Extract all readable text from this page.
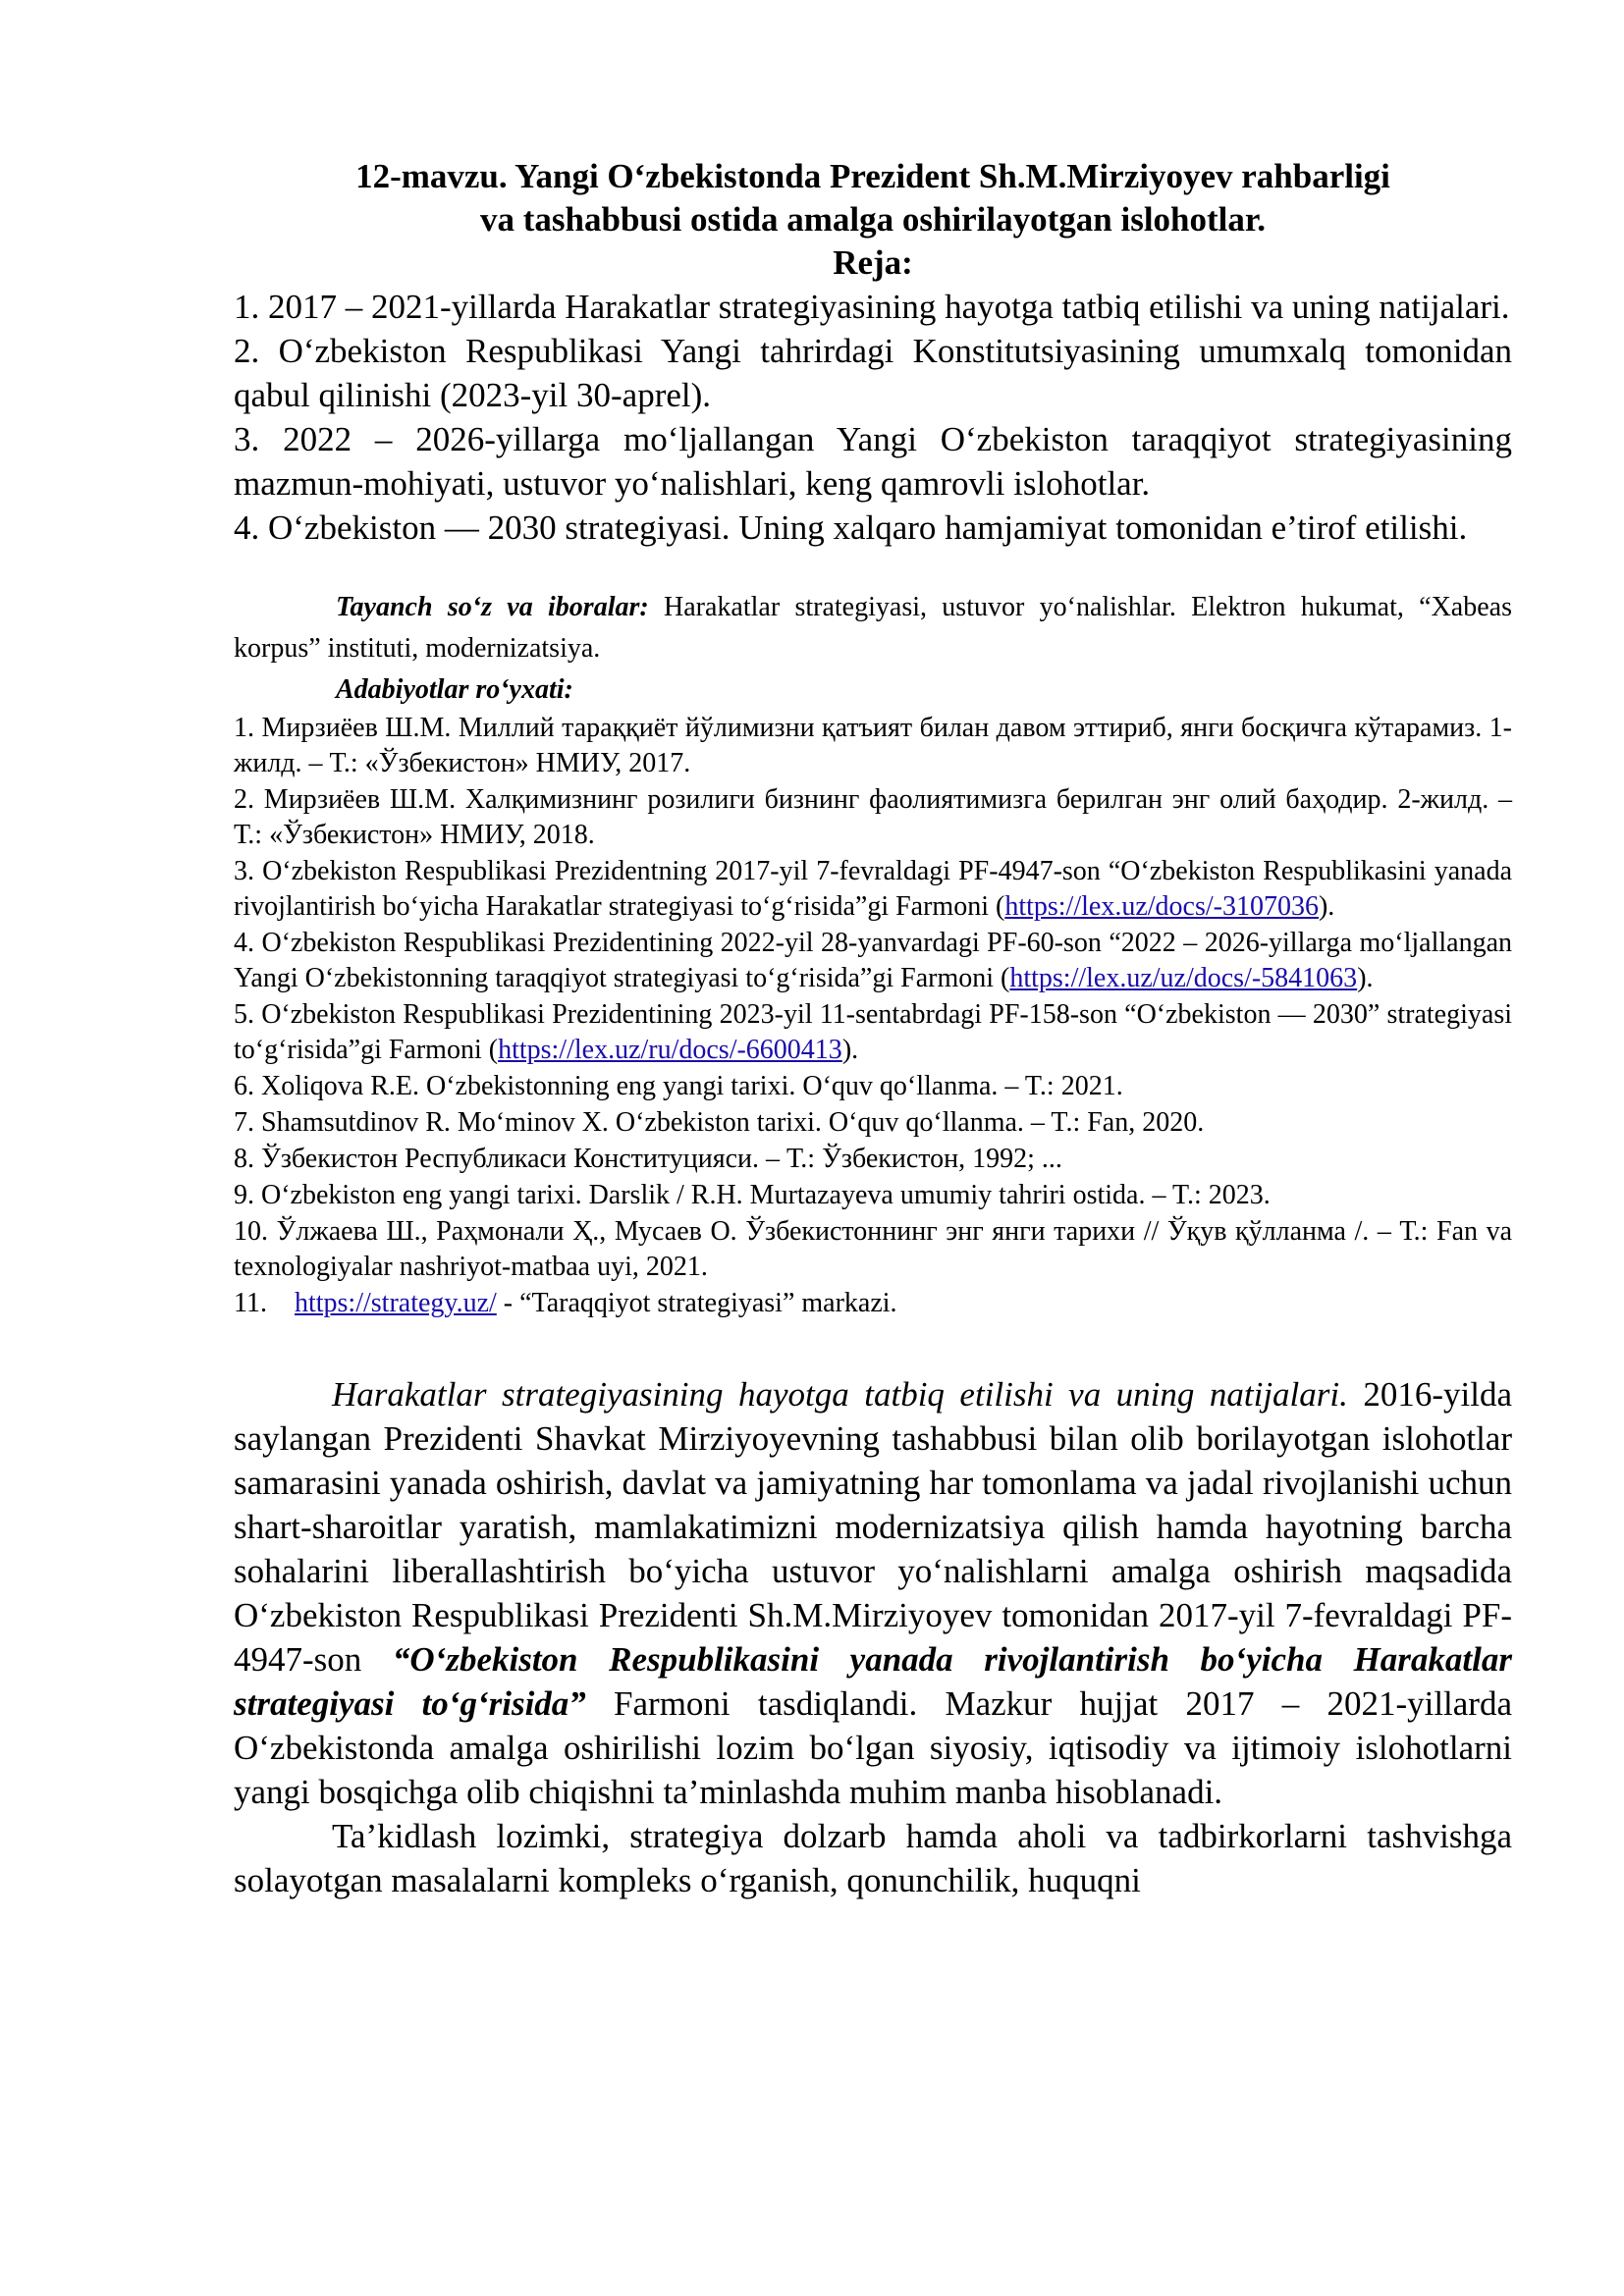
12-mavzu. Yangi O‘zbekistonda Prezident Sh.M.Mirziyoyev rahbarligi

va tashabbusi ostida amalga oshirilayotgan islohotlar.

Reja:

1. 2017 – 2021-yillarda Harakatlar strategiyasining hayotga tatbiq etilishi va uning natijalari.
2. O‘zbekiston Respublikasi Yangi tahrirdagi Konstitutsiyasining umumxalq tomonidan qabul qilinishi (2023-yil 30-aprel).
3. 2022 – 2026-yillarga mo‘ljallangan Yangi O‘zbekiston taraqqiyot strategiyasining mazmun-mohiyati, ustuvor yo‘nalishlari, keng qamrovli islohotlar.
4. O‘zbekiston — 2030 strategiyasi. Uning xalqaro hamjamiyat tomonidan e’tirof etilishi.

Tayanch so‘z va iboralar: Harakatlar strategiyasi, ustuvor yo‘nalishlar. Elektron hukumat, “Xabeas korpus” instituti, modernizatsiya.

Adabiyotlar ro‘yxati:

1. Мирзиёев Ш.М. Миллий тараққиёт йўлимизни қатъият билан давом эттириб, янги босқичга кўтарамиз. 1-жилд. – Т.: «Ўзбекистон» НМИУ, 2017.
2. Мирзиёев Ш.М. Халқимизнинг розилиги бизнинг фаолиятимизга берилган энг олий баҳодир. 2-жилд. – Т.: «Ўзбекистон» НМИУ, 2018.
3. O‘zbekiston Respublikasi Prezidentning 2017-yil 7-fevraldagi PF-4947-son “O‘zbekiston Respublikasini yanada rivojlantirish bo‘yicha Harakatlar strategiyasi to‘g‘risida”gi Farmoni (https://lex.uz/docs/-3107036).
4. O‘zbekiston Respublikasi Prezidentining 2022-yil 28-yanvardagi PF-60-son “2022 – 2026-yillarga mo‘ljallangan Yangi O‘zbekistonning taraqqiyot strategiyasi to‘g‘risida”gi Farmoni (https://lex.uz/uz/docs/-5841063).
5. O‘zbekiston Respublikasi Prezidentining 2023-yil 11-sentabrdagi PF-158-son “O‘zbekiston — 2030” strategiyasi to‘g‘risida”gi Farmoni (https://lex.uz/ru/docs/-6600413).
6. Xoliqova R.E. O‘zbekistonning eng yangi tarixi. O‘quv qo‘llanma. – T.: 2021.
7. Shamsutdinov R. Mo‘minov X. O‘zbekiston tarixi. O‘quv qo‘llanma. – T.: Fan, 2020.
8. Ўзбекистон Республикаси Конституцияси. – Т.: Ўзбекистон, 1992; ...
9. O‘zbekiston eng yangi tarixi. Darslik / R.H. Murtazayeva umumiy tahriri ostida. – T.: 2023.
10. Ўлжаева Ш., Раҳмонали Ҳ., Мусаев О. Ўзбекистоннинг энг янги тарихи // Ўқув қўлланма /. – Т.: Fan va texnologiyalar nashriyot-matbaa uyi, 2021.
11.    https://strategy.uz/ - “Taraqqiyot strategiyasi” markazi.

Harakatlar strategiyasining hayotga tatbiq etilishi va uning natijalari. 2016-yilda saylangan Prezidenti Shavkat Mirziyoyevning tashabbusi bilan olib borilayotgan islohotlar samarasini yanada oshirish, davlat va jamiyatning har tomonlama va jadal rivojlanishi uchun shart-sharoitlar yaratish, mamlakatimizni modernizatsiya qilish hamda hayotning barcha sohalarini liberallashtirish bo‘yicha ustuvor yo‘nalishlarni amalga oshirish maqsadida O‘zbekiston Respublikasi Prezidenti Sh.M.Mirziyoyev tomonidan 2017-yil 7-fevraldagi PF-4947-son “O‘zbekiston Respublikasini yanada rivojlantirish bo‘yicha Harakatlar strategiyasi to‘g‘risida” Farmoni tasdiqlandi. Mazkur hujjat 2017 – 2021-yillarda O‘zbekistonda amalga oshirilishi lozim bo‘lgan siyosiy, iqtisodiy va ijtimoiy islohotlarni yangi bosqichga olib chiqishni ta’minlashda muhim manba hisoblanadi.

Ta’kidlash lozimki, strategiya dolzarb hamda aholi va tadbirkorlarni tashvishga solayotgan masalalarni kompleks o‘rganish, qonunchilik, huquqni
